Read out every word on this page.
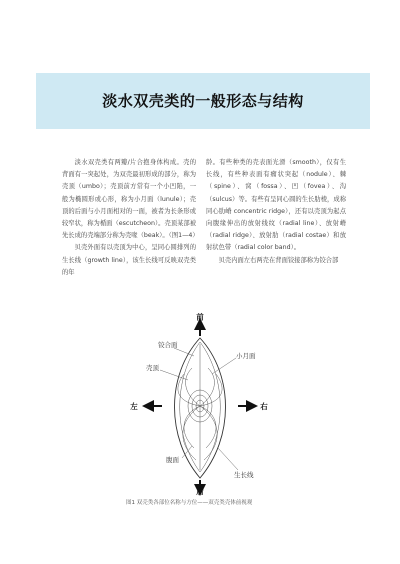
淡水双壳类的一般形态与结构

淡水双壳类有两瓣/片合抱身体构成。壳的背面有一突起处，为双壳最初形成的部分，称为壳顶（umbo）；壳顶前方常有一个小凹陷，一般为椭圆形或心形，称为小月面（lunule）；壳顶的后面与小月面相对的一面，被者为长条形或较窄状，称为楯面（escutcheon）。壳顶某部被先长成的壳端部分称为壳喙（beak）。（图1—4）

贝壳外面有以壳顶为中心，呈同心圆排列的生长线（growth line），该生长线可反映双壳类的年

龄。有些种类的壳表面光滑（smooth），仅有生长线，有些种表面有瘤状突起（nodule）、棘（spine）、窝（fossa）、凹（fovea）、沟（sulcus）等。有些有呈同心圆的生长肋棱，成称同心肋嵴 concentric ridge），还有以壳顶为起点向腹缘伸出的放射线纹（radial line）、放射嵴（radial ridge）、放射肋（radial costae）和放射状色带（radial color band）。

贝壳内面左右两壳在背面铰接部称为铰合部

前
后
左	右
铰合面
壳顶
小月面
腹面
生长线
图1 双壳类各部位名称与方位——双壳类壳体前视观
